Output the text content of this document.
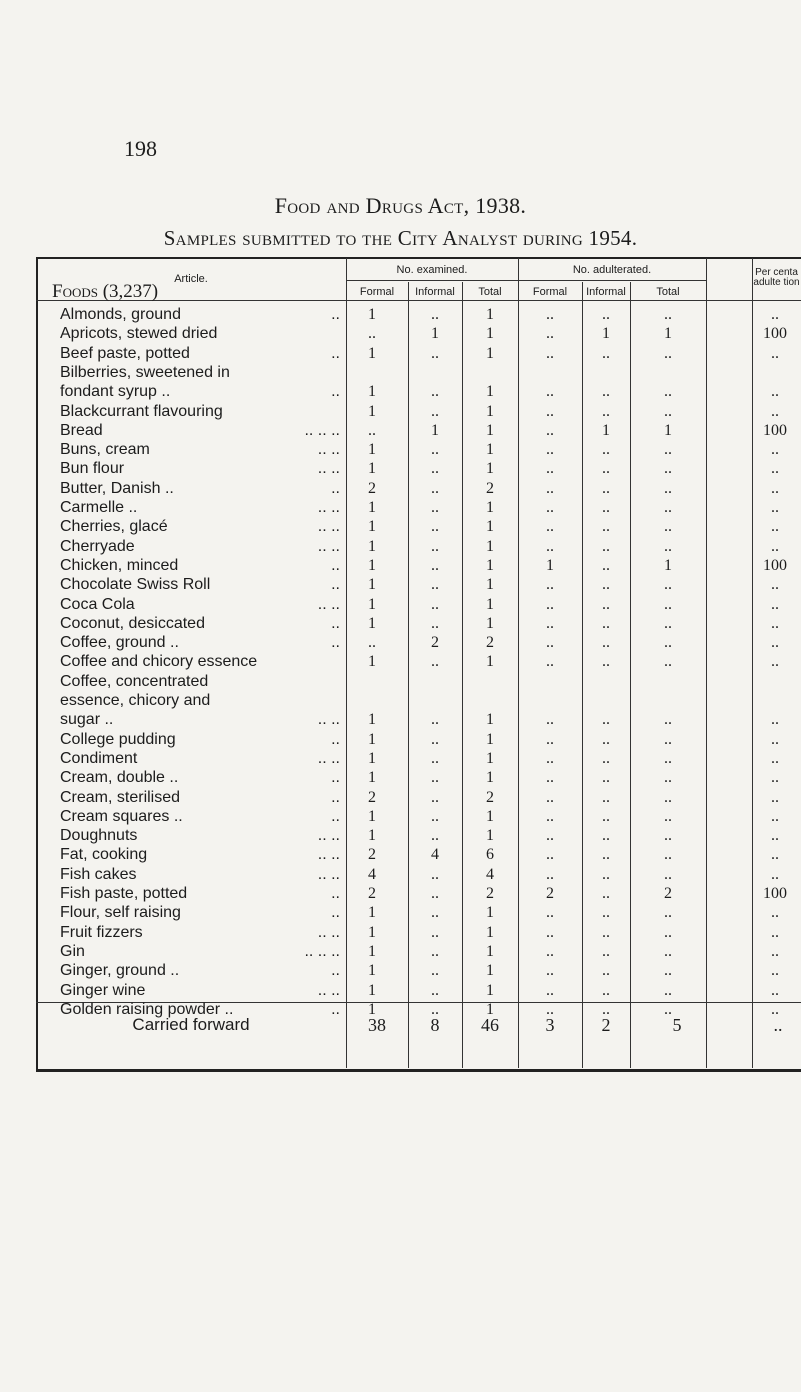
198
Food and Drugs Act, 1938.
Samples submitted to the City Analyst during 1954.
Article.
No. examined.	No. adulterated.	Per centa adulte tion
Formal	Informal	Total	Formal	Informal	Total
Foods (3,237)
Almonds, ground	..	1	..	1	..	..	..	..
Apricots, stewed dried	..	1	1	..	1	1	100
Beef paste, potted	..	1	..	1	..	..	..	..
Bilberries, sweetened in
fondant syrup ..	..	1	..	1	..	..	..	..
Blackcurrant flavouring	1	..	1	..	..	..	..
Bread	.. .. ..	..	1	1	..	1	1	100
Buns, cream	.. ..	1	..	1	..	..	..	..
Bun flour	.. ..	1	..	1	..	..	..	..
Butter, Danish ..	..	2	..	2	..	..	..	..
Carmelle ..	.. ..	1	..	1	..	..	..	..
Cherries, glacé	.. ..	1	..	1	..	..	..	..
Cherryade	.. ..	1	..	1	..	..	..	..
Chicken, minced	..	1	..	1	1	..	1	100
Chocolate Swiss Roll	..	1	..	1	..	..	..	..
Coca Cola	.. ..	1	..	1	..	..	..	..
Coconut, desiccated	..	1	..	1	..	..	..	..
Coffee, ground ..	..	..	2	2	..	..	..	..
Coffee and chicory essence	1	..	1	..	..	..	..
Coffee, concentrated
essence, chicory and
sugar ..	.. ..	1	..	1	..	..	..	..
College pudding	..	1	..	1	..	..	..	..
Condiment	.. ..	1	..	1	..	..	..	..
Cream, double ..	..	1	..	1	..	..	..	..
Cream, sterilised	..	2	..	2	..	..	..	..
Cream squares ..	..	1	..	1	..	..	..	..
Doughnuts	.. ..	1	..	1	..	..	..	..
Fat, cooking	.. ..	2	4	6	..	..	..	..
Fish cakes	.. ..	4	..	4	..	..	..	..
Fish paste, potted	..	2	..	2	2	..	2	100
Flour, self raising	..	1	..	1	..	..	..	..
Fruit fizzers	.. ..	1	..	1	..	..	..	..
Gin	.. .. ..	1	..	1	..	..	..	..
Ginger, ground ..	..	1	..	1	..	..	..	..
Ginger wine	.. ..	1	..	1	..	..	..	..
Golden raising powder ..	..	1	..	1	..	..	..	..
Carried forward	38	8	46	3	2	5	..
